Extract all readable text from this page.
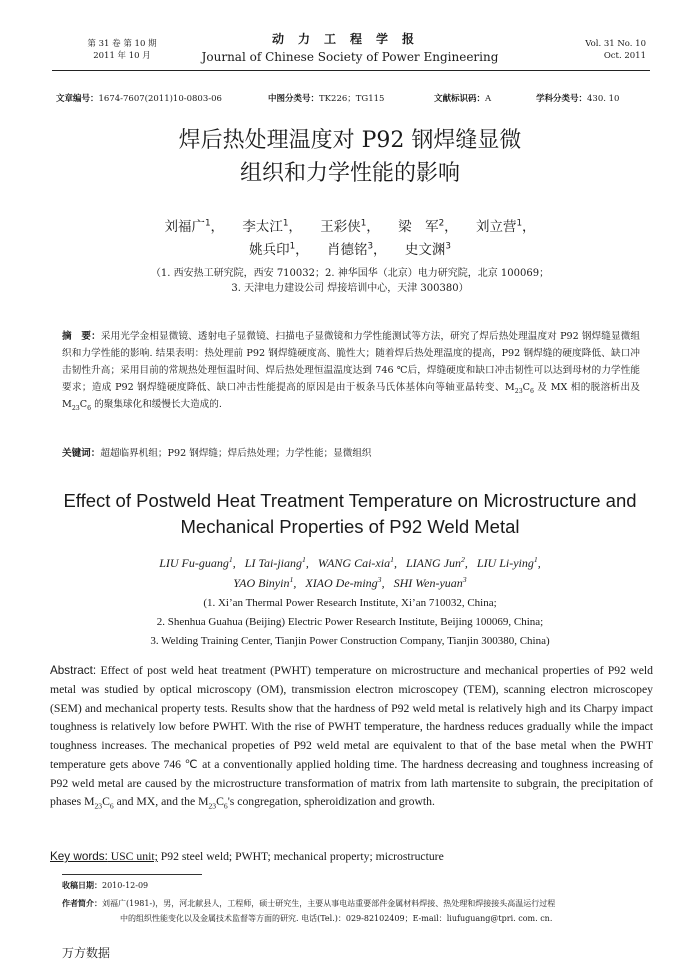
第 31 卷 第 10 期
2011 年 10 月
动力工程学报
Journal of Chinese Society of Power Engineering
Vol. 31 No. 10
Oct. 2011
文章编号：1674-7607(2011)10-0803-06	中图分类号：TK226；TG115	文献标识码：A	学科分类号：430. 10
焊后热处理温度对 P92 钢焊缝显微
组织和力学性能的影响
刘福广$^1$， 李太江$^1$， 王彩侠$^1$， 梁　军$^2$， 刘立营$^1$，
姚兵印$^1$， 肖德铭$^3$， 史文渊$^3$
（1. 西安热工研究院，西安 710032；2. 神华国华（北京）电力研究院，北京 100069；
3. 天津电力建设公司 焊接培训中心，天津 300380）
摘　要：采用光学金相显微镜、透射电子显微镜、扫描电子显微镜和力学性能测试等方法，研究了焊后热处理温度对 P92 钢焊缝显微组织和力学性能的影响. 结果表明：热处理前 P92 钢焊缝硬度高、脆性大；随着焊后热处理温度的提高，P92 钢焊缝的硬度降低、缺口冲击韧性升高；采用目前的常规热处理恒温时间、焊后热处理恒温温度达到 746 ℃后，焊缝硬度和缺口冲击韧性可以达到母材的力学性能要求；造成 P92 钢焊缝硬度降低、缺口冲击性能提高的原因是由于板条马氏体基体向等轴亚晶转变、$M_{23}C_6$ 及 MX 相的脱溶析出及 $M_{23}C_6$ 的聚集球化和缓慢长大造成的.
关键词：超超临界机组；P92 钢焊缝；焊后热处理；力学性能；显微组织
Effect of Postweld Heat Treatment Temperature on Microstructure and
Mechanical Properties of P92 Weld Metal
LIU Fu-guang$^1$,   LI Tai-jiang$^1$,   WANG Cai-xia$^1$,   LIANG Jun$^2$,   LIU Li-ying$^1$,
YAO Binyin$^1$,   XIAO De-ming$^3$,   SHI Wen-yuan$^3$
(1. Xi’an Thermal Power Research Institute, Xi’an 710032, China;
2. Shenhua Guahua (Beijing) Electric Power Research Institute, Beijing 100069, China;
3. Welding Training Center, Tianjin Power Construction Company, Tianjin 300380, China)
Abstract: Effect of post weld heat treatment (PWHT) temperature on microstructure and mechanical properties of P92 weld metal was studied by optical microscopy (OM), transmission electron microscopey (TEM), scanning electron microscopey (SEM) and mechanical property tests. Results show that the hardness of P92 weld metal is relatively high and its Charpy impact toughness is relatively low before PWHT. With the rise of PWHT temperature, the hardness reduces gradually while the impact toughness increases. The mechanical propeties of P92 weld metal are equivalent to that of the base metal when the PWHT temperature gets above 746 ℃ at a conventionally applied holding time. The hardness decreasing and toughness increasing of P92 weld metal are caused by the microstructure transformation of matrix from lath martensite to subgrain, the precipitation of phases $M_{23}C_6$ and MX, and the $M_{23}C_6's$ congregation, spheroidization and growth.
Key words: USC unit; P92 steel weld; PWHT; mechanical property; microstructure
收稿日期：2010-12-09
作者简介：刘福广(1981-)，男，河北献县人，工程师，硕士研究生，主要从事电站重要部件金属材料焊接、热处理和焊接接头高温运行过程
中的组织性能变化以及金属技术监督等方面的研究. 电话(Tel.)：029-82102409；E-mail：liufuguang@tpri. com. cn.
万方数据
